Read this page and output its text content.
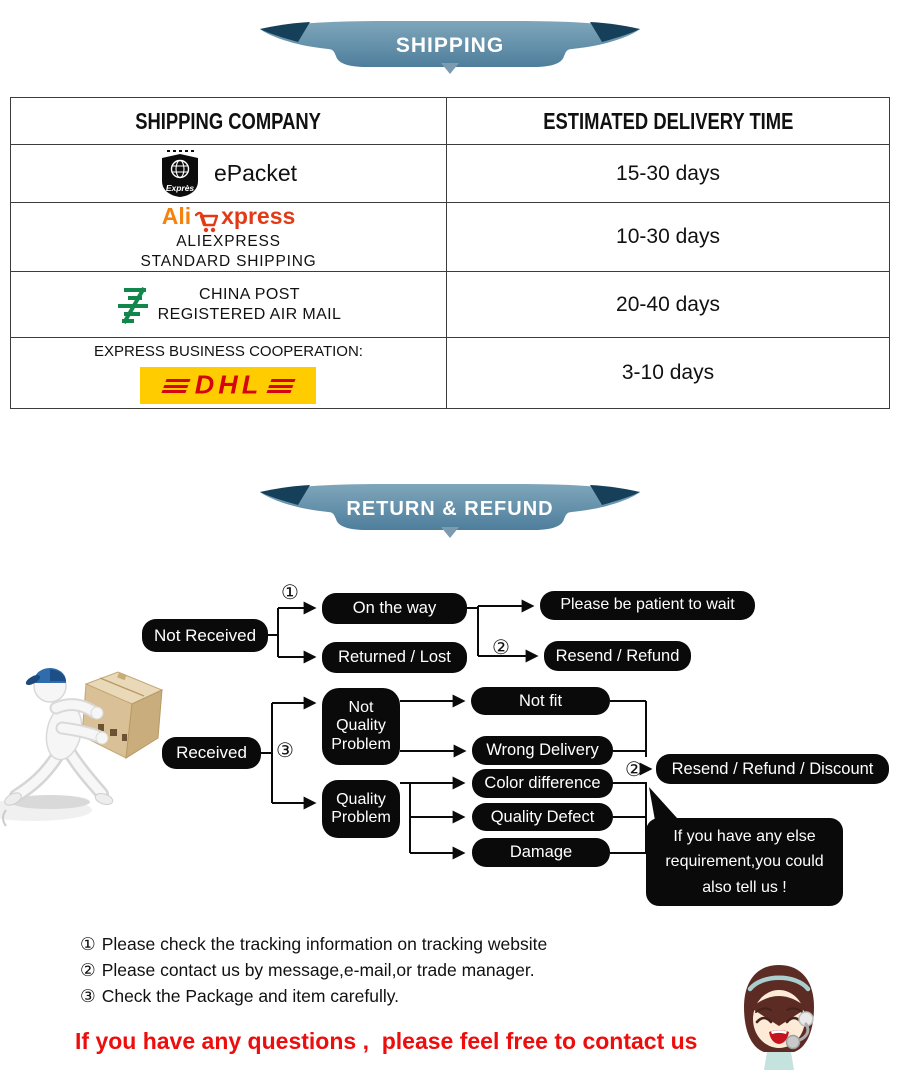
SHIPPING
SHIPPING COMPANY	ESTIMATED DELIVERY TIME
Exprès
ePacket	15-30 days
Ali xpress
ALIEXPRESS
STANDARD SHIPPING
10-30 days
CHINA POST
REGISTERED AIR MAIL	20-40 days
EXPRESS BUSINESS COOPERATION:
DHL	3-10 days
RETURN & REFUND
Not Received
On the way
Returned / Lost
Please be patient to wait
Resend / Refund
Received
Not
Quality
Problem
Quality
Problem
Not fit
Wrong Delivery
Color difference
Quality Defect
Damage
Resend / Refund / Discount
①
②
③
②
If you have any else
requirement,you could
also tell us !
① Please check the tracking information on tracking website
② Please contact us by message,e-mail,or trade manager.
③ Check the Package and item carefully.
If you have any questions ,  please feel free to contact us
